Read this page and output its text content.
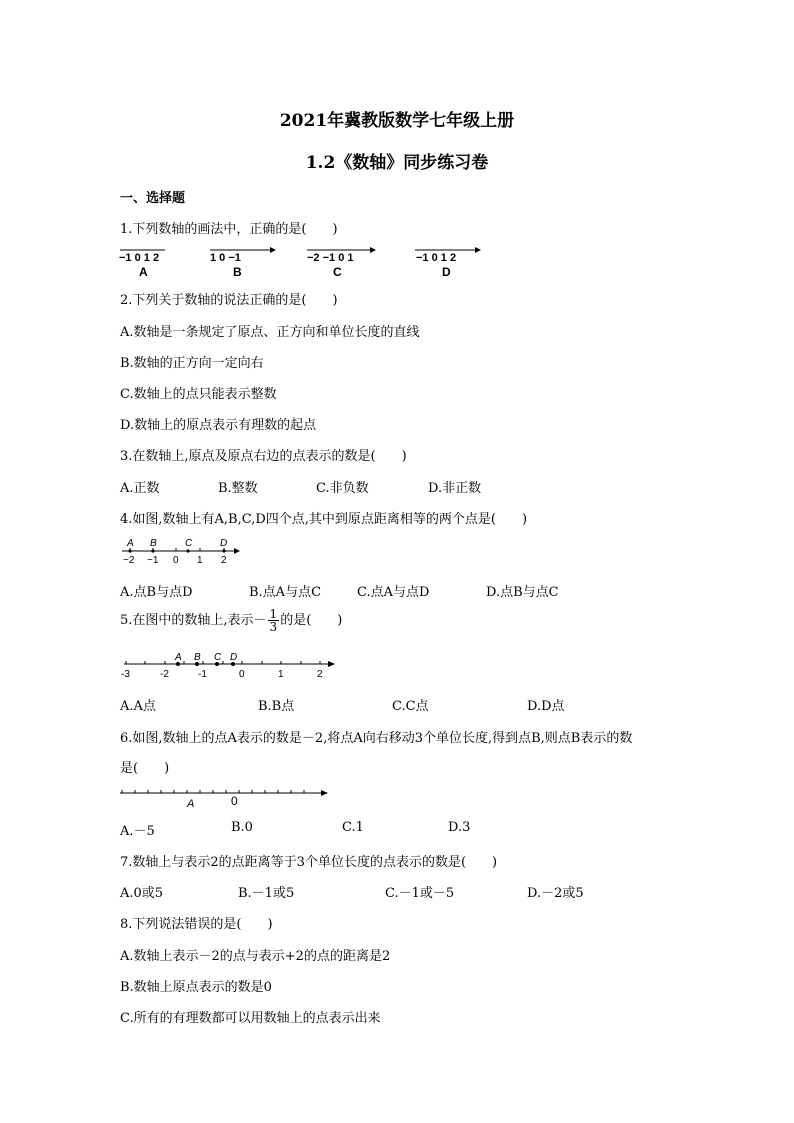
2021年冀教版数学七年级上册
1.2《数轴》同步练习卷
一、选择题
1.下列数轴的画法中，正确的是(　　)
−1 0 1 2
A
1 0 −1
B
−2 −1 0 1
C
−1 0 1 2
D
2.下列关于数轴的说法正确的是(　　)
A.数轴是一条规定了原点、正方向和单位长度的直线
B.数轴的正方向一定向右
C.数轴上的点只能表示整数
D.数轴上的原点表示有理数的起点
3.在数轴上,原点及原点右边的点表示的数是(　　)
A.正数	B.整数	C.非负数	D.非正数
4.如图,数轴上有A,B,C,D四个点,其中到原点距离相等的两个点是(　　)
A B	C	D
−2 −1 0 1 2
A.点B与点D	B.点A与点C	C.点A与点D	D.点B与点C
5.在图中的数轴上,表示－ $\frac{1}{3}$ 的是(　　)
A B C D
-3	-2	-1	0	1	2
A.A点	B.B点	C.C点	D.D点
6.如图,数轴上的点A表示的数是－2,将点A向右移动3个单位长度,得到点B,则点B表示的数
是(　　)
A	0
A.－5	B.0	C.1	D.3
7.数轴上与表示2的点距离等于3个单位长度的点表示的数是(　　)
A.0或5	B.－1或5	C.－1或－5	D.－2或5
8.下列说法错误的是(　　)
A.数轴上表示－2的点与表示+2的点的距离是2
B.数轴上原点表示的数是0
C.所有的有理数都可以用数轴上的点表示出来
